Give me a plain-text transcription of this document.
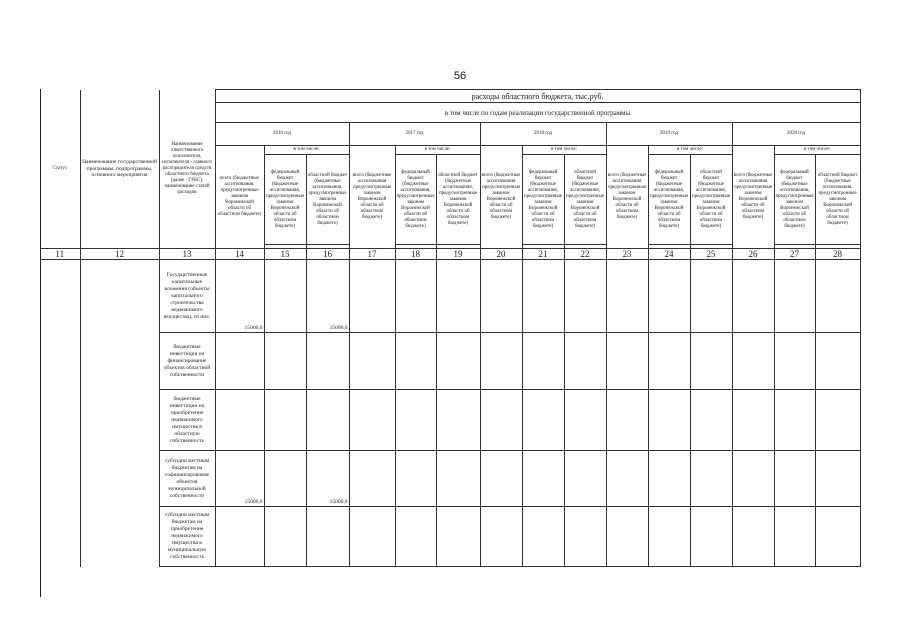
56
Статус	Наименование государственной программы, подпрограммы, основного мероприятия	Наименование ответственного исполнителя, исполнителя - главного распорядителя средств областного бюджета (далее - ГРБС), наименование статей расходов	расходы областного бюджета, тыс.руб.														
			в том числе по годам реализации государственной программы														
			2016 год			2017 год			2018 год			2019 год			2020 год		
			всего (бюджетные ассигнования, предусмотренные законом Воронежской области об областном бюджете)	в том числе:		всего (бюджетные ассигнования предусмотренные законом Воронежской области об областном бюджете)	в том числе:		всего (бюджетные ассигнования предусмотренные законом Воронежской области об областном бюджете)	в том числе:		всего (бюджетные ассигнования предусмотренные законом Воронежской области об областном бюджете)	в том числе:		всего (бюджетные ассигнования предусмотренные законом Воронежской области об областном бюджете)	в том числе:	
				федеральный бюджет (бюджетные ассигнования, предусмотренные законом Воронежской области об областном бюджете)	областной бюджет (бюджетные ассигнования, предусмотренные законом Воронежской области об областном бюджете)		федеральный бюджет (бюджетные ассигнования, предусмотренные законом Воронежской области об областном бюджете)	областной бюджет (бюджетные ассигнования, предусмотренные законом Воронежской области об областном бюджете)		федеральный бюджет (бюджетные ассигнования, предусмотренные законом Воронежской области об областном бюджете)	областной бюджет (бюджетные ассигнования, предусмотренные законом Воронежской области об областном бюджете)		федеральный бюджет (бюджетные ассигнования, предусмотренные законом Воронежской области об областном бюджете)	областной бюджет (бюджетные ассигнования, предусмотренные законом Воронежской области об областном бюджете)		федеральный бюджет (бюджетные ассигнования, предусмотренные законом Воронежской области об областном бюджете)	областной бюджет (бюджетные ассигнования, предусмотренные законом Воронежской области об областном бюджете)

11	12	13	14	15	16	17	18	19	20	21	22	23	24	25	26	27	28
		Государственные капитальные вложения (объекты капитального строительства недвижимого имущества), из них:	15000,0		15000,0												
		бюджетные инвестиции на финансирование объектов областной собственности															
		бюджетные инвестиции на приобретение недвижимого имущества в областную собственность															
		субсидии местным бюджетам на софинансирование объектов муниципальной собственности	15000,0		15000,0												
		субсидии местным бюджетам на приобретение недвижимого имущества в муниципальную собственность															
